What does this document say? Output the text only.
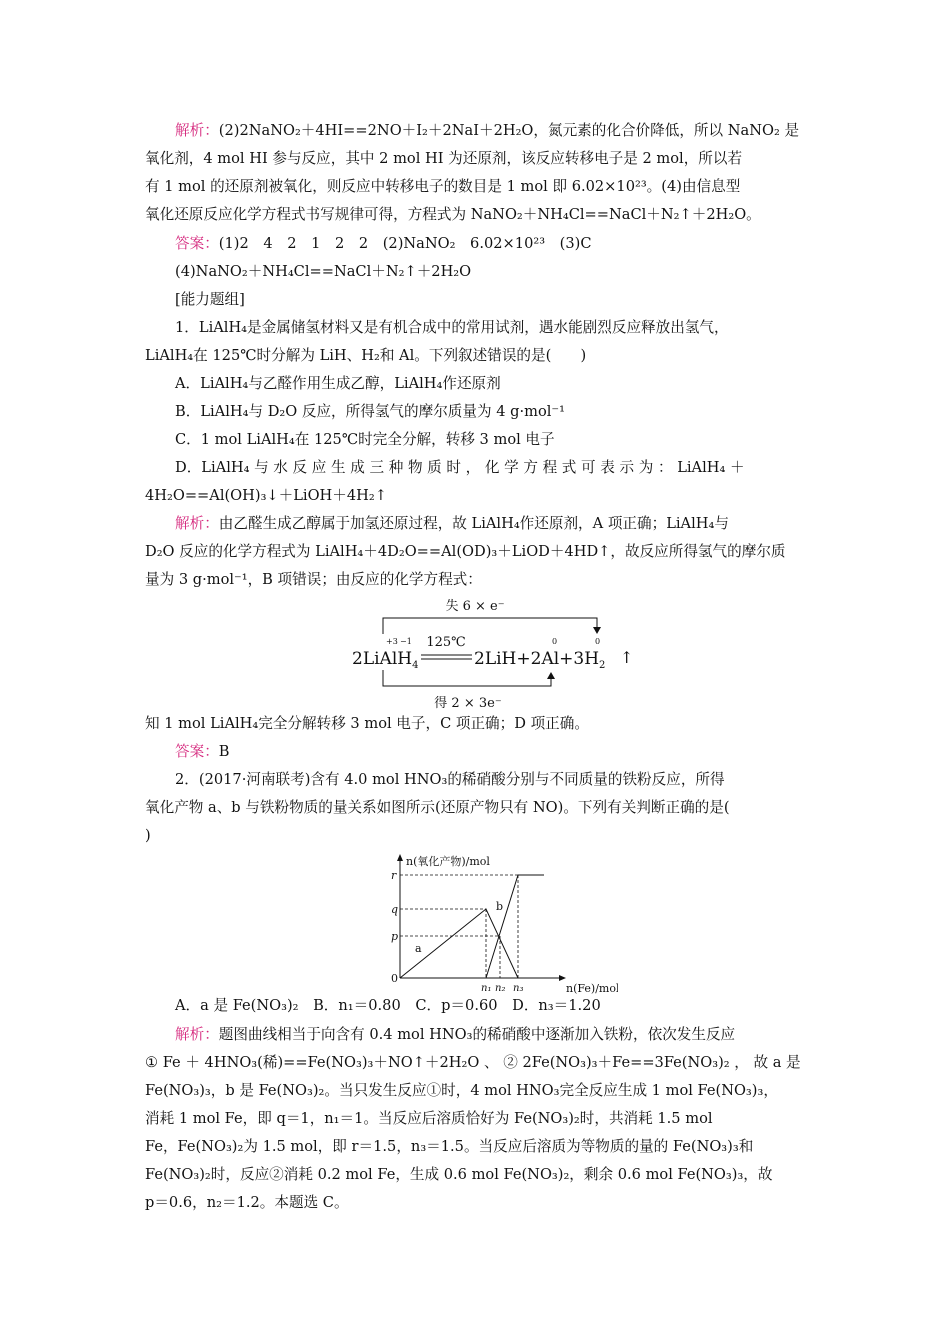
解析：(2)2NaNO₂＋4HI==2NO＋I₂＋2NaI＋2H₂O，氮元素的化合价降低，所以 NaNO₂ 是
氧化剂，4 mol HI 参与反应，其中 2 mol HI 为还原剂，该反应转移电子是 2 mol，所以若
有 1 mol 的还原剂被氧化，则反应中转移电子的数目是 1 mol 即 6.02×10²³。(4)由信息型
氧化还原反应化学方程式书写规律可得，方程式为 NaNO₂＋NH₄Cl==NaCl＋N₂↑＋2H₂O。
答案：(1)2　4　2　1　2　2　(2)NaNO₂　6.02×10²³　(3)C
(4)NaNO₂＋NH₄Cl==NaCl＋N₂↑＋2H₂O
[能力题组]
1．LiAlH₄是金属储氢材料又是有机合成中的常用试剂，遇水能剧烈反应释放出氢气，
LiAlH₄在 125℃时分解为 LiH、H₂和 Al。下列叙述错误的是(　　)
A．LiAlH₄与乙醛作用生成乙醇，LiAlH₄作还原剂
B．LiAlH₄与 D₂O 反应，所得氢气的摩尔质量为 4 g·mol⁻¹
C．1 mol LiAlH₄在 125℃时完全分解，转移 3 mol 电子
D．LiAlH₄ 与 水 反 应 生 成 三 种 物 质 时 ， 化 学 方 程 式 可 表 示 为 ： LiAlH₄ ＋
4H₂O==Al(OH)₃↓＋LiOH＋4H₂↑
解析：由乙醛生成乙醇属于加氢还原过程，故 LiAlH₄作还原剂，A 项正确；LiAlH₄与
D₂O 反应的化学方程式为 LiAlH₄＋4D₂O==Al(OD)₃＋LiOD＋4HD↑，故反应所得氢气的摩尔质
量为 3 g·mol⁻¹，B 项错误；由反应的化学方程式：
失 6 × e⁻
+3 −1	0	0
125℃
2LiAlH$_4$	$2LiH+2Al+3H_2$ ↑
得 2 × 3e⁻
知 1 mol LiAlH₄完全分解转移 3 mol 电子，C 项正确；D 项正确。
答案：B
2．(2017·河南联考)含有 4.0 mol HNO₃的稀硝酸分别与不同质量的铁粉反应，所得
氧化产物 a、b 与铁粉物质的量关系如图所示(还原产物只有 NO)。下列有关判断正确的是(
)
n(氧化产物)/mol
n(Fe)/mol
0
r
q
p
a
b
n₁ n₂ n₃
A．a 是 Fe(NO₃)₂　B．n₁＝0.80　C．p＝0.60　D．n₃＝1.20
解析：题图曲线相当于向含有 0.4 mol HNO₃的稀硝酸中逐渐加入铁粉，依次发生反应
① Fe ＋ 4HNO₃(稀)==Fe(NO₃)₃＋NO↑＋2H₂O 、 ② 2Fe(NO₃)₃＋Fe==3Fe(NO₃)₂ ， 故 a 是
Fe(NO₃)₃，b 是 Fe(NO₃)₂。当只发生反应①时，4 mol HNO₃完全反应生成 1 mol Fe(NO₃)₃，
消耗 1 mol Fe，即 q＝1，n₁＝1。当反应后溶质恰好为 Fe(NO₃)₂时，共消耗 1.5 mol
Fe，Fe(NO₃)₂为 1.5 mol，即 r＝1.5，n₃＝1.5。当反应后溶质为等物质的量的 Fe(NO₃)₃和
Fe(NO₃)₂时，反应②消耗 0.2 mol Fe，生成 0.6 mol Fe(NO₃)₂，剩余 0.6 mol Fe(NO₃)₃，故
p＝0.6，n₂＝1.2。本题选 C。
